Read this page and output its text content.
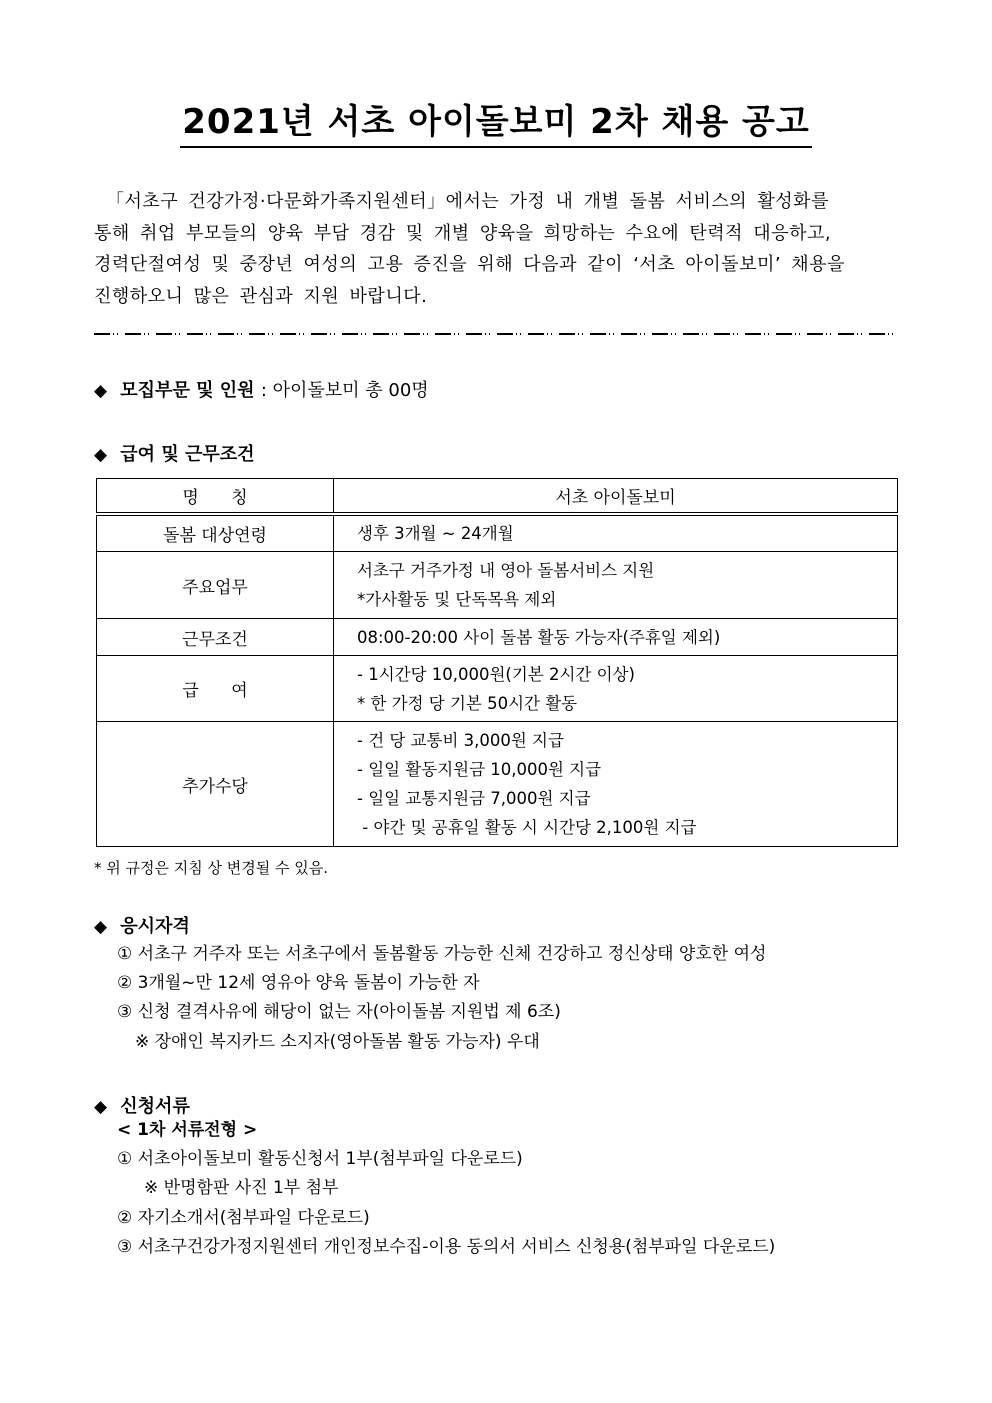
2021년 서초 아이돌보미 2차 채용 공고

「서초구 건강가정·다문화가족지원센터」에서는 가정 내 개별 돌봄 서비스의 활성화를

통해 취업 부모들의 양육 부담 경감 및 개별 양육을 희망하는 수요에 탄력적 대응하고,

경력단절여성 및 중장년 여성의 고용 증진을 위해 다음과 같이 ‘서초 아이돌보미’ 채용을

진행하오니 많은 관심과 지원 바랍니다.

◆ 모집부문 및 인원 : 아이돌보미 총 00명
◆ 급여 및 근무조건
명      칭	서초 아이돌보미
돌봄 대상연령	생후 3개월 ~ 24개월

주요업무	서초구 거주가정 내 영아 돌봄서비스 지원
*가사활동 및 단독목욕 제외

근무조건	08:00-20:00 사이 돌봄 활동 가능자(주휴일 제외)

급      여	- 1시간당 10,000원(기본 2시간 이상)
* 한 가정 당 기본 50시간 활동

추가수당	- 건 당 교통비 3,000원 지급
- 일일 활동지원금 10,000원 지급
- 일일 교통지원금 7,000원 지급
- 야간 및 공휴일 활동 시 시간당 2,100원 지급
* 위 규정은 지침 상 변경될 수 있음.
◆ 응시자격
① 서초구 거주자 또는 서초구에서 돌봄활동 가능한 신체 건강하고 정신상태 양호한 여성
② 3개월~만 12세 영유아 양육 돌봄이 가능한 자
③ 신청 결격사유에 해당이 없는 자(아이돌봄 지원법 제 6조)
※ 장애인 복지카드 소지자(영아돌봄 활동 가능자) 우대
◆ 신청서류
< 1차 서류전형 >
① 서초아이돌보미 활동신청서 1부(첨부파일 다운로드)
※ 반명함판 사진 1부 첨부
② 자기소개서(첨부파일 다운로드)
③ 서초구건강가정지원센터 개인정보수집-이용 동의서 서비스 신청용(첨부파일 다운로드)
